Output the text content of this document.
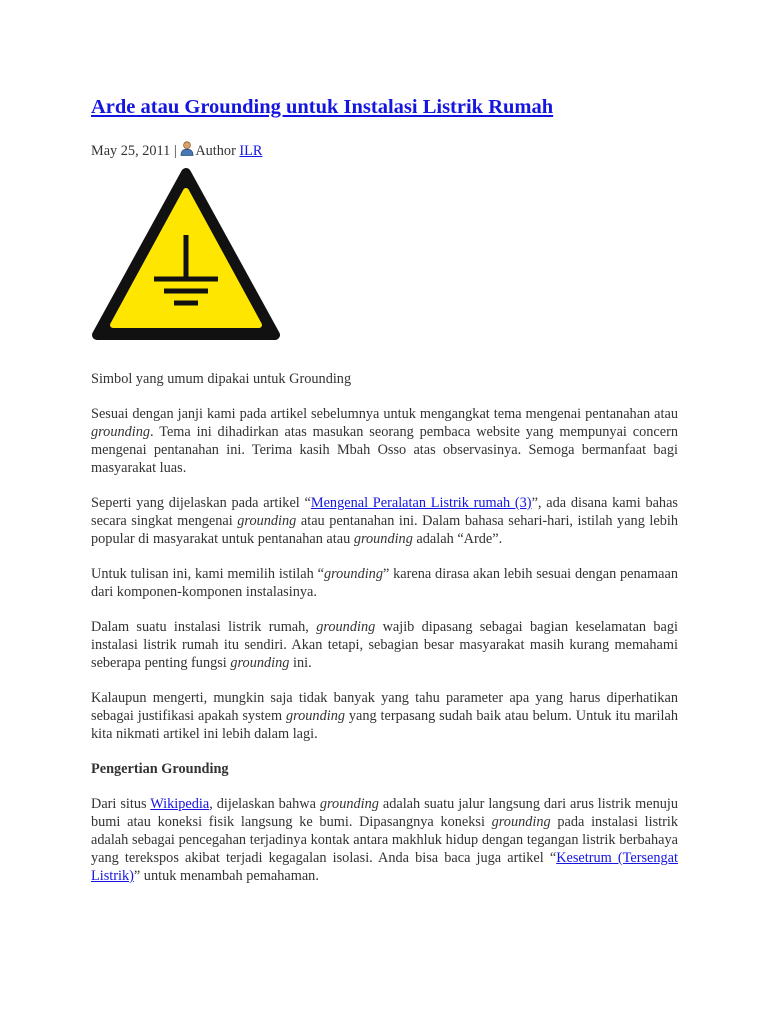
Arde atau Grounding untuk Instalasi Listrik Rumah
May 25, 2011 | Author ILR

Simbol yang umum dipakai untuk Grounding

Sesuai dengan janji kami pada artikel sebelumnya untuk mengangkat tema mengenai pentanahan atau grounding. Tema ini dihadirkan atas masukan seorang pembaca website yang mempunyai concern mengenai pentanahan ini. Terima kasih Mbah Osso atas observasinya. Semoga bermanfaat bagi masyarakat luas.

Seperti yang dijelaskan pada artikel “Mengenal Peralatan Listrik rumah (3)”, ada disana kami bahas secara singkat mengenai grounding atau pentanahan ini. Dalam bahasa sehari-hari, istilah yang lebih popular di masyarakat untuk pentanahan atau grounding adalah “Arde”.

Untuk tulisan ini, kami memilih istilah “grounding” karena dirasa akan lebih sesuai dengan penamaan dari komponen-komponen instalasinya.

Dalam suatu instalasi listrik rumah, grounding wajib dipasang sebagai bagian keselamatan bagi instalasi listrik rumah itu sendiri. Akan tetapi, sebagian besar masyarakat masih kurang memahami seberapa penting fungsi grounding ini.

Kalaupun mengerti, mungkin saja tidak banyak yang tahu parameter apa yang harus diperhatikan sebagai justifikasi apakah system grounding yang terpasang sudah baik atau belum. Untuk itu marilah kita nikmati artikel ini lebih dalam lagi.

Pengertian Grounding

Dari situs Wikipedia, dijelaskan bahwa grounding adalah suatu jalur langsung dari arus listrik menuju bumi atau koneksi fisik langsung ke bumi. Dipasangnya koneksi grounding pada instalasi listrik adalah sebagai pencegahan terjadinya kontak antara makhluk hidup dengan tegangan listrik berbahaya yang terekspos akibat terjadi kegagalan isolasi. Anda bisa baca juga artikel “Kesetrum (Tersengat Listrik)” untuk menambah pemahaman.
